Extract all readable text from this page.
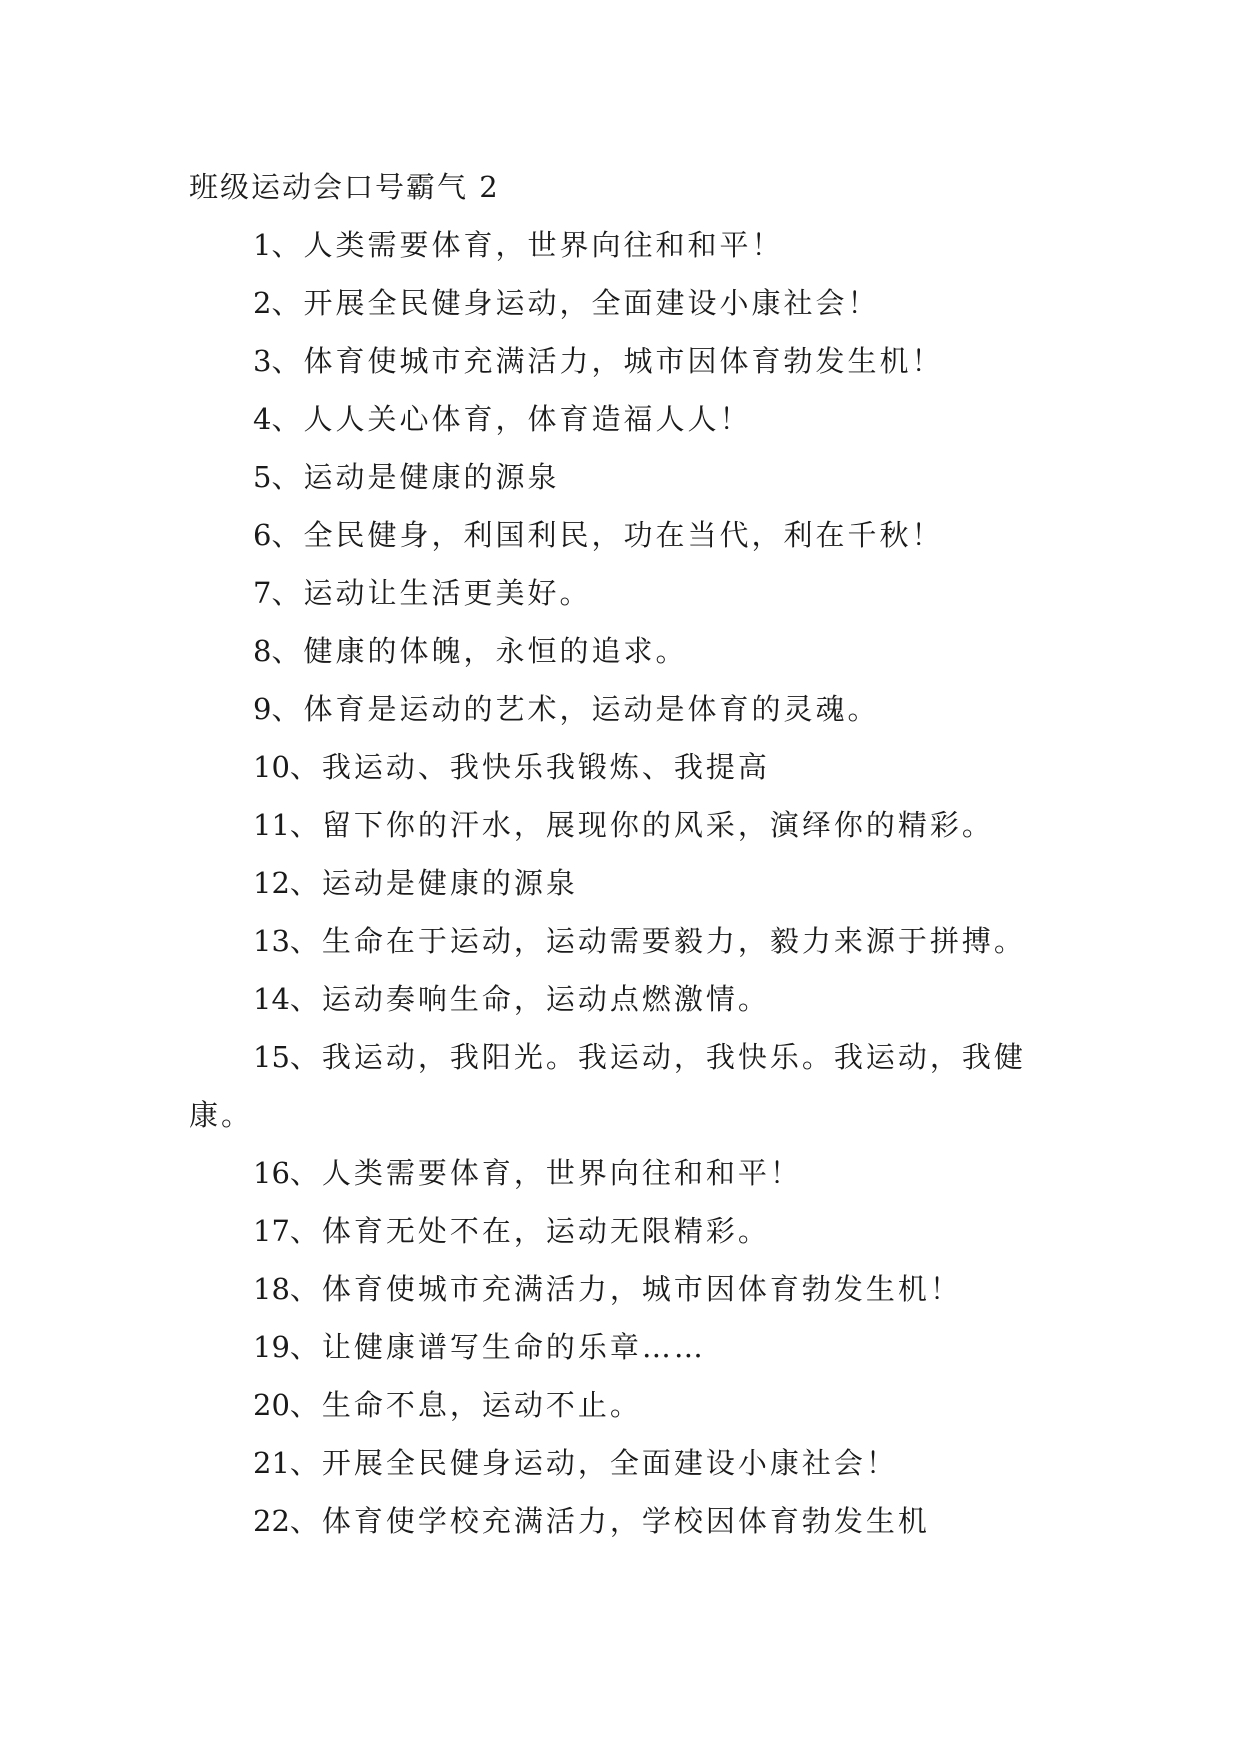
班级运动会口号霸气 2
1、人类需要体育，世界向往和和平！
2、开展全民健身运动，全面建设小康社会！
3、体育使城市充满活力，城市因体育勃发生机！
4、人人关心体育，体育造福人人！
5、运动是健康的源泉
6、全民健身，利国利民，功在当代，利在千秋！
7、运动让生活更美好。
8、健康的体魄，永恒的追求。
9、体育是运动的艺术，运动是体育的灵魂。
10、我运动、我快乐我锻炼、我提高
11、留下你的汗水，展现你的风采，演绎你的精彩。
12、运动是健康的源泉
13、生命在于运动，运动需要毅力，毅力来源于拼搏。
14、运动奏响生命，运动点燃激情。
15、我运动，我阳光。我运动，我快乐。我运动，我健康。
16、人类需要体育，世界向往和和平！
17、体育无处不在，运动无限精彩。
18、体育使城市充满活力，城市因体育勃发生机！
19、让健康谱写生命的乐章……
20、生命不息，运动不止。
21、开展全民健身运动，全面建设小康社会！
22、体育使学校充满活力，学校因体育勃发生机
